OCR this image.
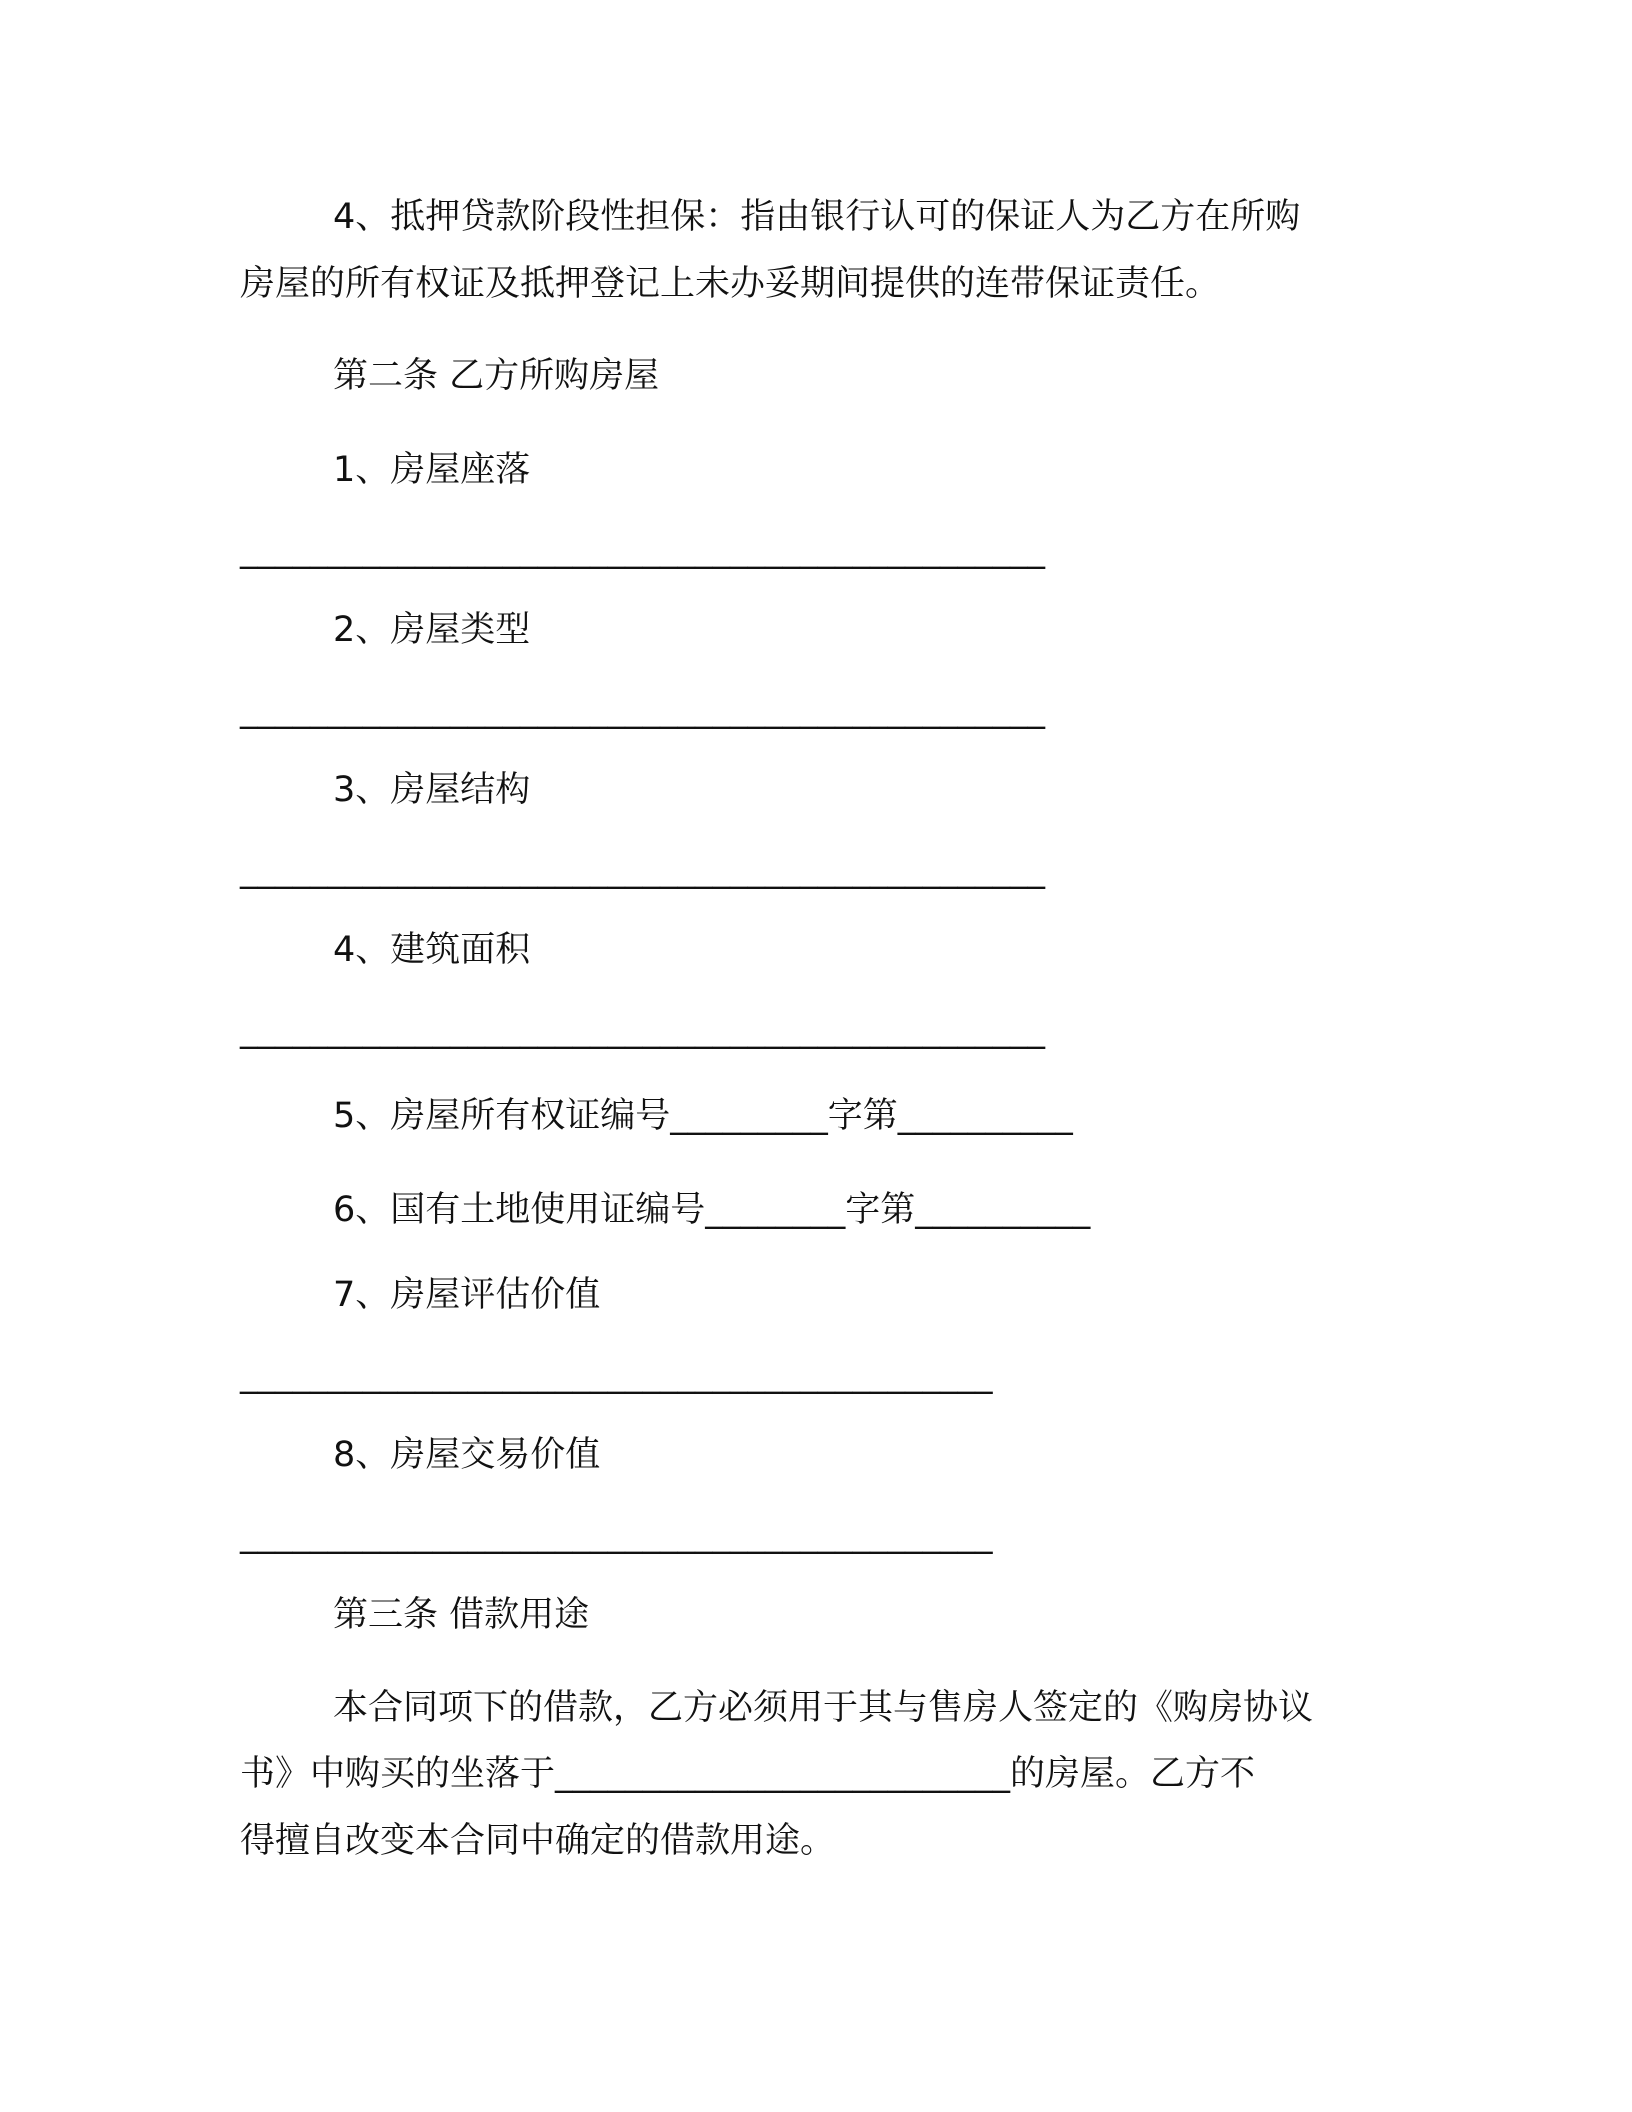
4、抵押贷款阶段性担保：指由银行认可的保证人为乙方在所购
房屋的所有权证及抵押登记上未办妥期间提供的连带保证责任。
第二条 乙方所购房屋
1、房屋座落
______________________________________________
2、房屋类型
______________________________________________
3、房屋结构
______________________________________________
4、建筑面积
______________________________________________
5、房屋所有权证编号_________字第__________
6、国有土地使用证编号________字第__________
7、房屋评估价值
___________________________________________
8、房屋交易价值
___________________________________________
第三条 借款用途
本合同项下的借款，乙方必须用于其与售房人签定的《购房协议
书》中购买的坐落于__________________________的房屋。乙方不
得擅自改变本合同中确定的借款用途。
